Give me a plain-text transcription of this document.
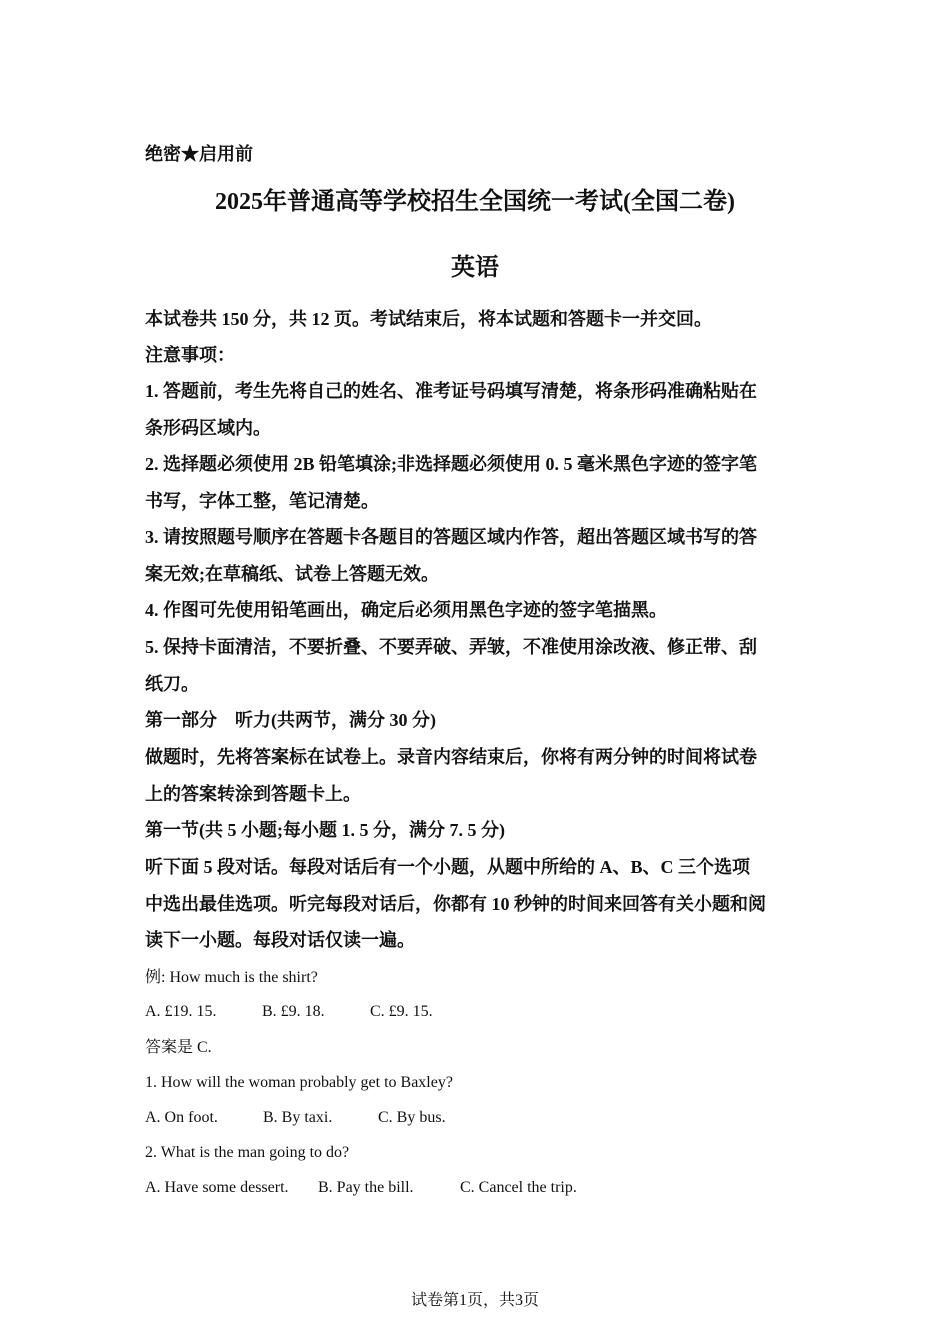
绝密★启用前
2025年普通高等学校招生全国统一考试(全国二卷)
英语
本试卷共 150 分，共 12 页。考试结束后，将本试题和答题卡一并交回。
注意事项：
1. 答题前，考生先将自己的姓名、准考证号码填写清楚，将条形码准确粘贴在
条形码区域内。
2. 选择题必须使用 2B 铅笔填涂;非选择题必须使用 0. 5 毫米黑色字迹的签字笔
书写，字体工整，笔记清楚。
3. 请按照题号顺序在答题卡各题目的答题区域内作答，超出答题区域书写的答
案无效;在草稿纸、试卷上答题无效。
4. 作图可先使用铅笔画出，确定后必须用黑色字迹的签字笔描黑。
5. 保持卡面清洁，不要折叠、不要弄破、弄皱，不准使用涂改液、修正带、刮
纸刀。
第一部分　听力(共两节，满分 30 分)
做题时，先将答案标在试卷上。录音内容结束后，你将有两分钟的时间将试卷
上的答案转涂到答题卡上。
第一节(共 5 小题;每小题 1. 5 分，满分 7. 5 分)
听下面 5 段对话。每段对话后有一个小题，从题中所给的 A、B、C 三个选项
中选出最佳选项。听完每段对话后，你都有 10 秒钟的时间来回答有关小题和阅
读下一小题。每段对话仅读一遍。
例: How much is the shirt?
A. £19. 15.	B. £9. 18.	C. £9. 15.
答案是 C.
1. How will the woman probably get to Baxley?
A. On foot.	B. By taxi.	C. By bus.
2. What is the man going to do?
A. Have some dessert. B. Pay the bill.	C. Cancel the trip.
试卷第1页，共3页
